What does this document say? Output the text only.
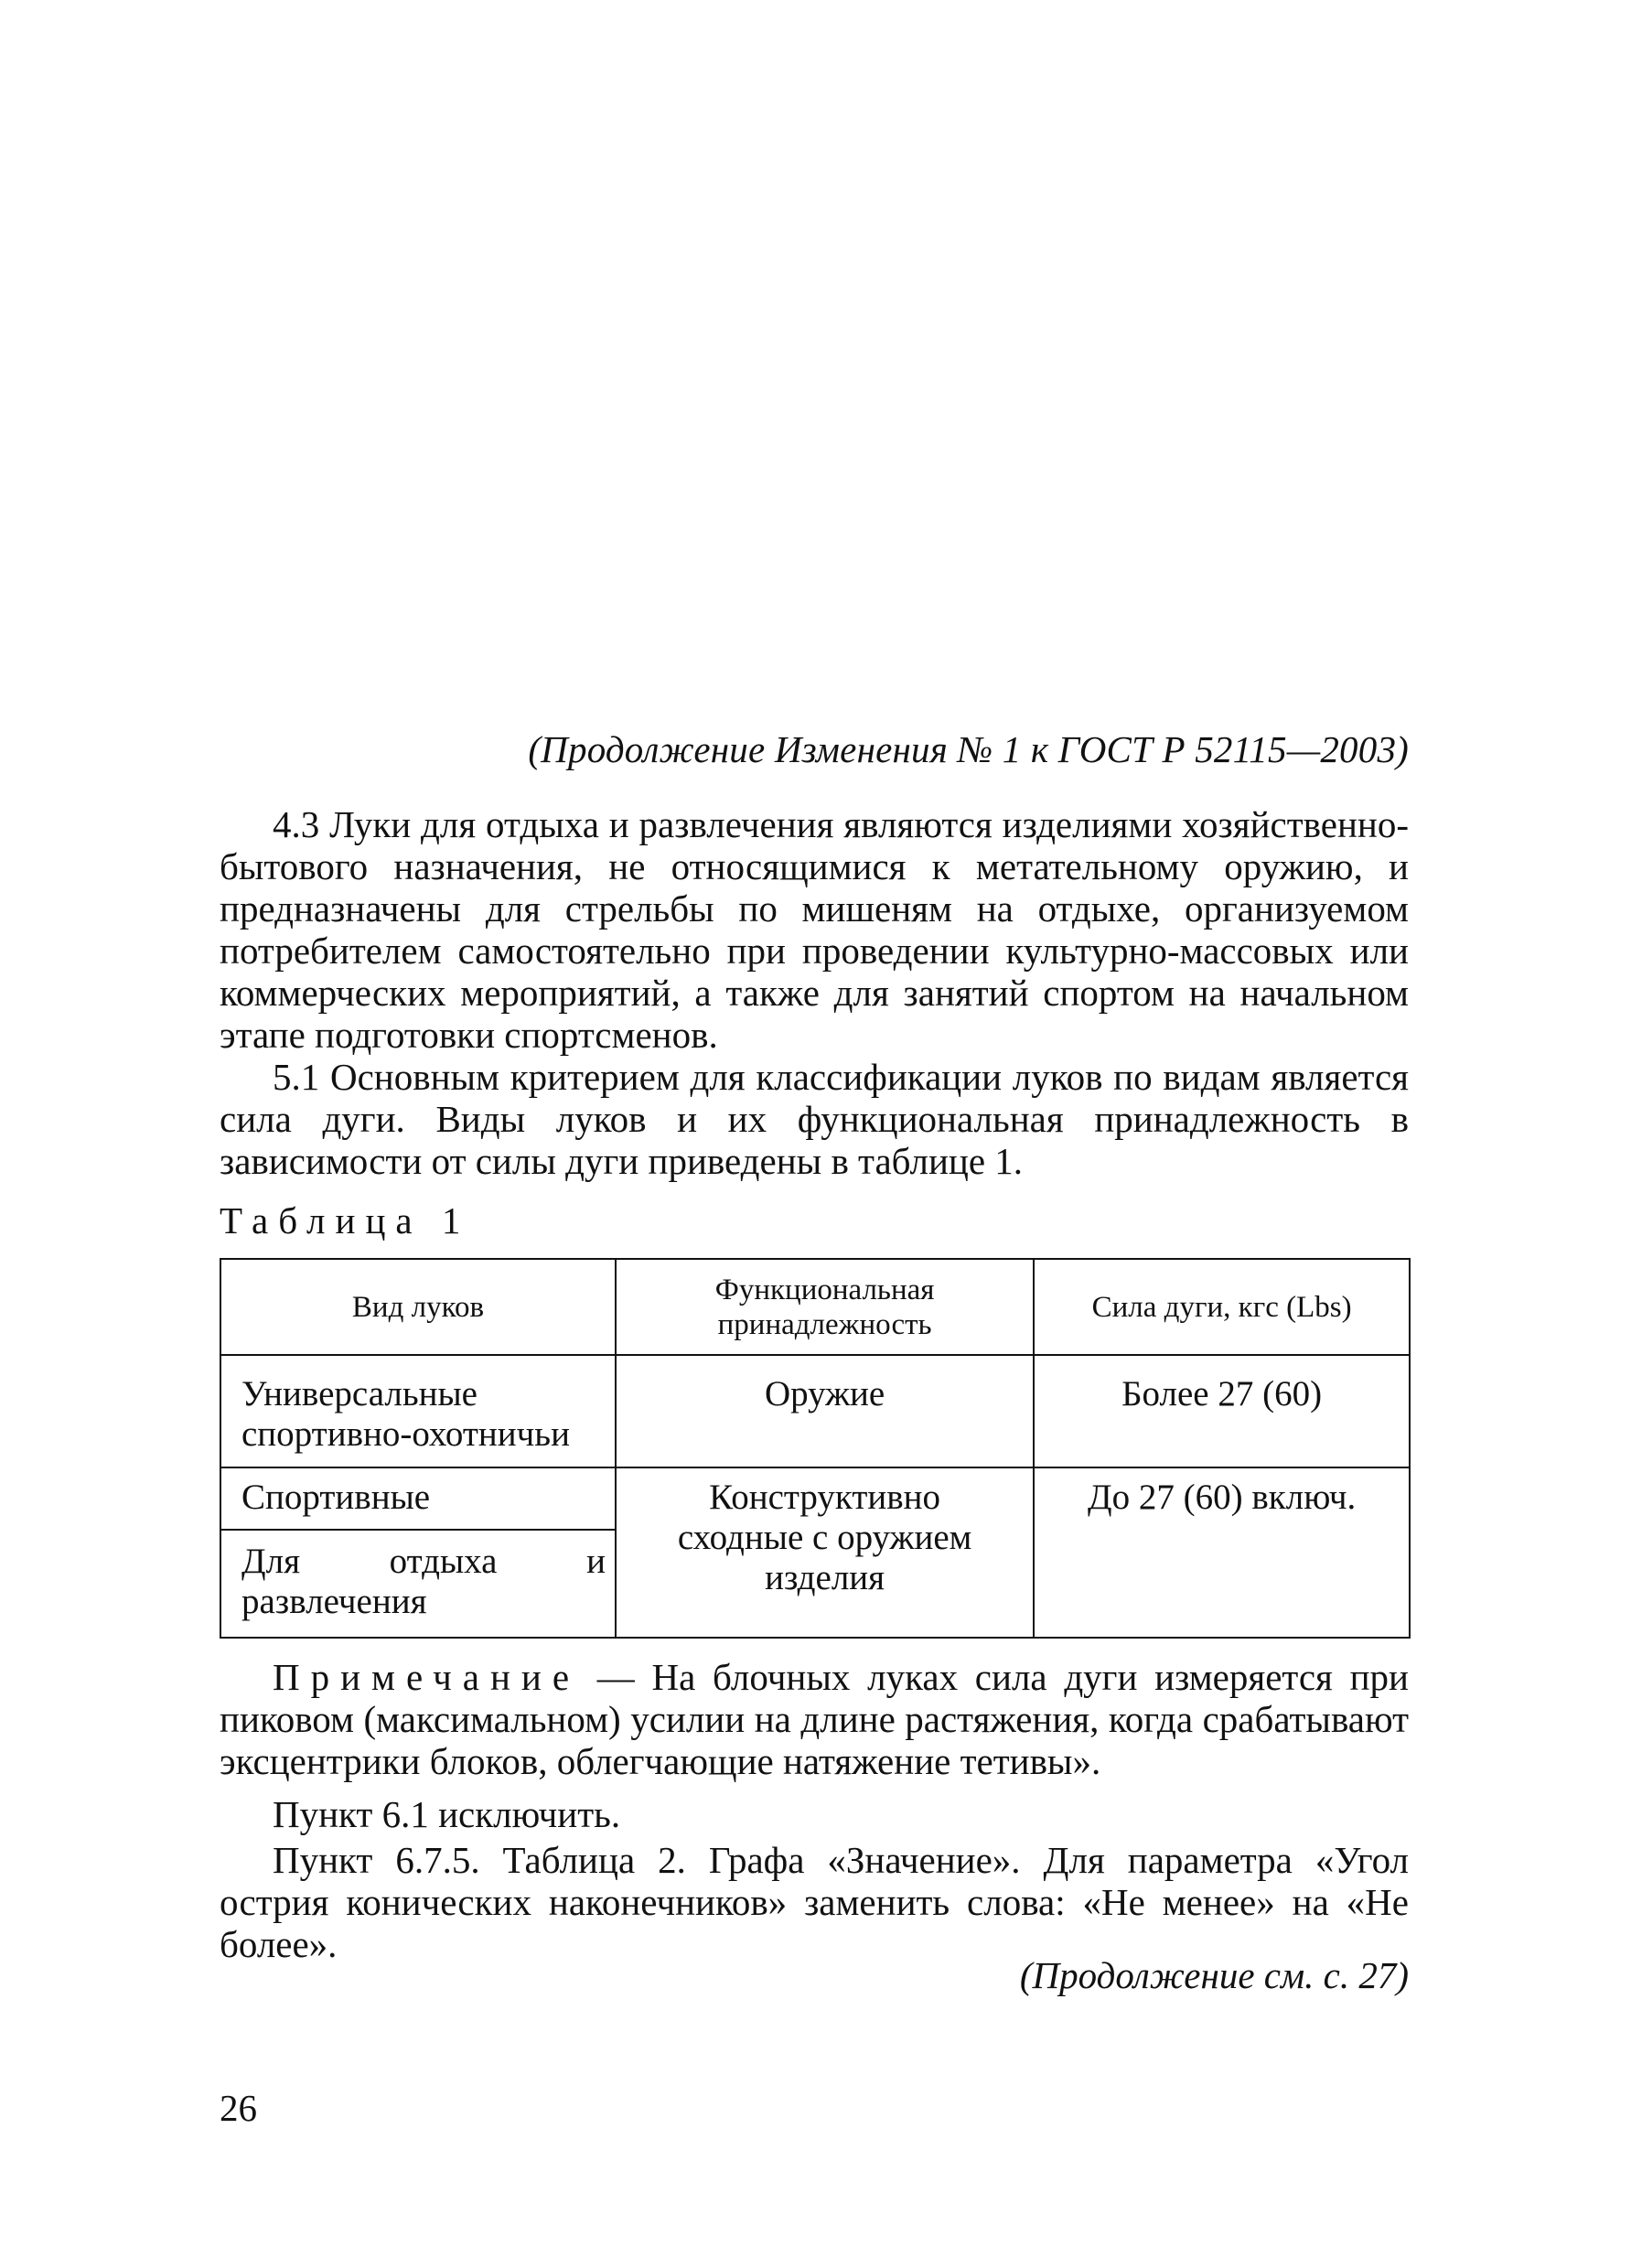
(Продолжение Изменения № 1 к ГОСТ Р 52115—2003)

4.3 Луки для отдыха и развлечения являются изделиями хозяйственно-бытового назначения, не относящимися к метательному оружию, и предназначены для стрельбы по мишеням на отдыхе, организуемом потребителем самостоятельно при проведении культурно-массовых или коммерческих мероприятий, а также для занятий спортом на начальном этапе подготовки спортсменов.

5.1 Основным критерием для классификации луков по видам является сила дуги. Виды луков и их функциональная принадлежность в зависимости от силы дуги приведены в таблице 1.

Таблица 1
Вид луков	Функциональная принадлежность	Сила дуги, кгс (Lbs)
Универсальные спортивно-охотничьи	Оружие	Более 27 (60)
Спортивные	Конструктивно сходные с оружием изделия	До 27 (60) включ.
Для отдыха и развлечения		

Примечание — На блочных луках сила дуги измеряется при пиковом (максимальном) усилии на длине растяжения, когда срабатывают эксцентрики блоков, облегчающие натяжение тетивы».

Пункт 6.1 исключить.

Пункт 6.7.5. Таблица 2. Графа «Значение». Для параметра «Угол острия конических наконечников» заменить слова: «Не менее» на «Не более».

(Продолжение см. с. 27)
26
